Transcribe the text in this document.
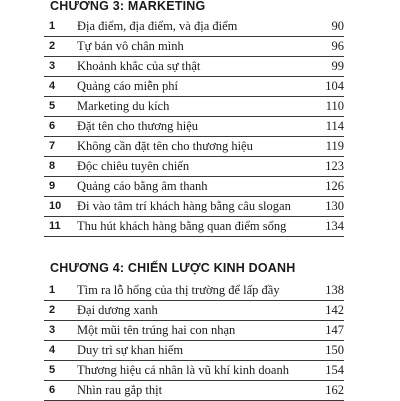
CHƯƠNG 3: MARKETING
1 Địa điểm, địa điểm, và địa điểm	90
2 Tự bán vô chân mình	96
3 Khoảnh khắc của sự thật	99
4 Quảng cáo miễn phí	104
5 Marketing du kích	110
6 Đặt tên cho thương hiệu	114
7 Không cần đặt tên cho thương hiệu	119
8 Độc chiêu tuyên chiến	123
9 Quảng cáo bằng âm thanh	126
10 Đi vào tâm trí khách hàng bằng câu slogan	130
11 Thu hút khách hàng bằng quan điểm sống	134
CHƯƠNG 4: CHIẾN LƯỢC KINH DOANH
1 Tìm ra lỗ hổng của thị trường để lấp đầy	138
2 Đại dương xanh	142
3 Một mũi tên trúng hai con nhạn	147
4 Duy trì sự khan hiếm	150
5 Thương hiệu cá nhân là vũ khí kinh doanh	154
6 Nhìn rau gắp thịt	162
